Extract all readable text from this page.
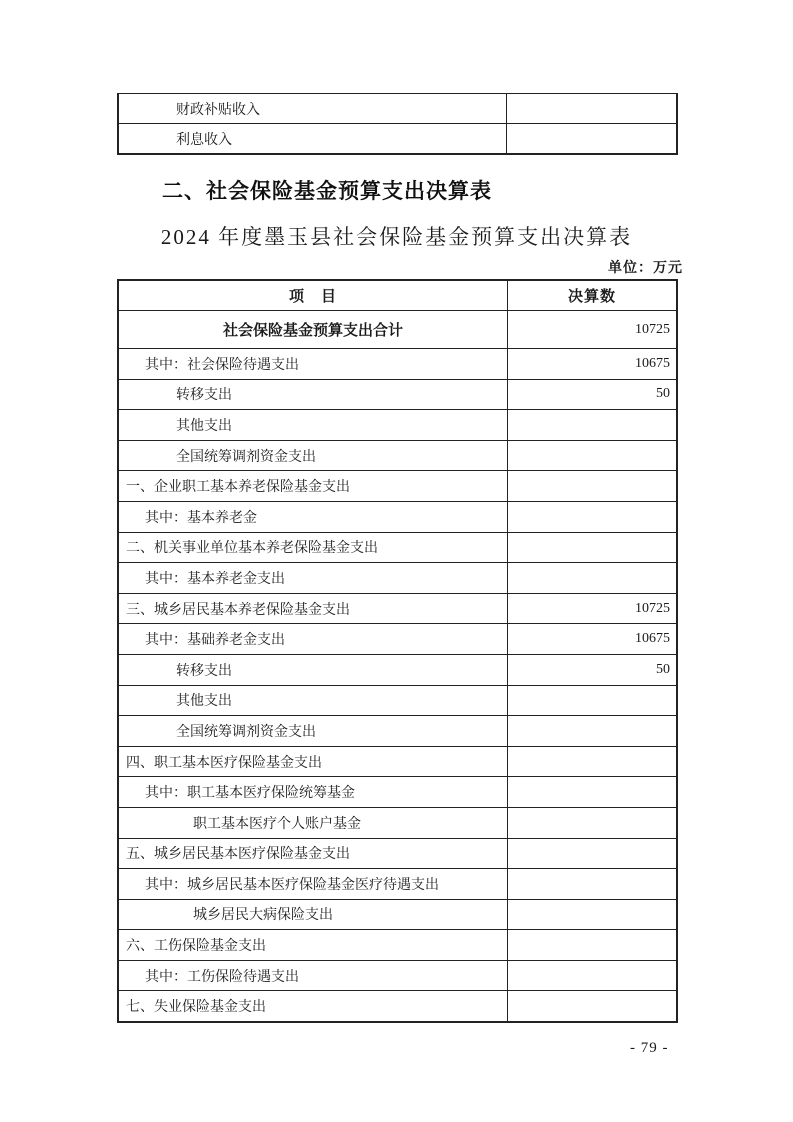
财政补贴收入
利息收入
二、社会保险基金预算支出决算表
2024 年度墨玉县社会保险基金预算支出决算表
单位：万元
项　目	决算数
社会保险基金预算支出合计	10725
其中：社会保险待遇支出	10675
转移支出	50
其他支出
全国统筹调剂资金支出
一、企业职工基本养老保险基金支出
其中：基本养老金
二、机关事业单位基本养老保险基金支出
其中：基本养老金支出
三、城乡居民基本养老保险基金支出	10725
其中：基础养老金支出	10675
转移支出	50
其他支出
全国统筹调剂资金支出
四、职工基本医疗保险基金支出
其中：职工基本医疗保险统筹基金
职工基本医疗个人账户基金
五、城乡居民基本医疗保险基金支出
其中：城乡居民基本医疗保险基金医疗待遇支出
城乡居民大病保险支出
六、工伤保险基金支出
其中：工伤保险待遇支出
七、失业保险基金支出
- 79 -
